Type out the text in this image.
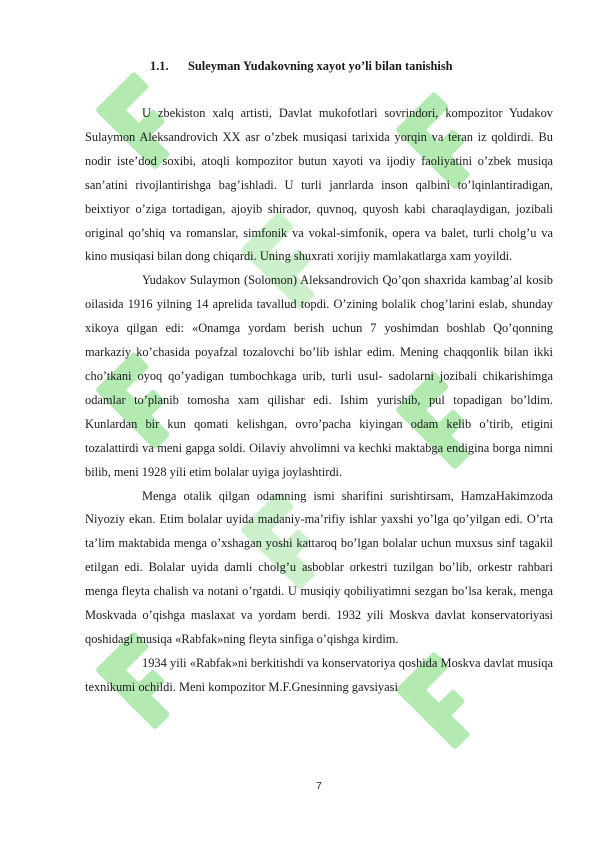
1.1. Suleyman Yudakovning xayot yo’li bilan tanishish

U zbekiston xalq artisti, Davlat mukofotlari sovrindori, kompozitor Yudakov Sulaymon Aleksandrovich XX asr o’zbek musiqasi tarixida yorqin va teran iz qoldirdi. Bu nodir iste’dod soxibi, atoqli kompozitor butun xayoti va ijodiy faoliyatini o’zbek musiqa san’atini rivojlantirishga bag’ishladi. U turli janrlarda inson qalbini to’lqinlantiradigan, beixtiyor o’ziga tortadigan, ajoyib shirador, quvnoq, quyosh kabi charaqlaydigan, jozibali original qo’shiq va romanslar, simfonik va vokal-simfonik, opera va balet, turli cholg’u va kino musiqasi bilan dong chiqardi. Uning shuxrati xorijiy mamlakatlarga xam yoyildi.

Yudakov Sulaymon (Solomon) Aleksandrovich Qo’qon shaxrida kambag’al kosib oilasida 1916 yilning 14 aprelida tavallud topdi. O’zining bolalik chog’larini eslab, shunday xikoya qilgan edi: «Onamga yordam berish uchun 7 yoshimdan boshlab Qo’qonning markaziy ko’chasida poyafzal tozalovchi bo’lib ishlar edim. Mening chaqqonlik bilan ikki cho’tkani oyoq qo’yadigan tumbochkaga urib, turli usul- sadolarni jozibali chikarishimga odamlar to’planib tomosha xam qilishar edi. Ishim yurishib, pul topadigan bo’ldim. Kunlardan bir kun qomati kelishgan, ovro’pacha kiyingan odam kelib o’tirib, etigini tozalattirdi va meni gapga soldi. Oilaviy ahvolimni va kechki maktabga endigina borga nimni bilib, meni 1928 yili etim bolalar uyiga joylashtirdi.

Menga otalik qilgan odamning ismi sharifini surishtirsam, HamzaHakimzoda Niyoziy ekan. Etim bolalar uyida madaniy-ma’rifiy ishlar yaxshi yo’lga qo’yilgan edi. O’rta ta’lim maktabida menga o’xshagan yoshi kattaroq bo’lgan bolalar uchun muxsus sinf tagakil etilgan edi. Bolalar uyida damli cholg’u asboblar orkestri tuzilgan bo’lib, orkestr rahbari menga fleyta chalish va notani o’rgatdi. U musiqiy qobiliyatimni sezgan bo’lsa kerak, menga Moskvada o’qishga maslaxat va yordam berdi. 1932 yili Moskva davlat konservatoriyasi qoshidagi musiqa «Rabfak»ning fleyta sinfiga o’qishga kirdim.

1934 yili «Rabfak»ni berkitishdi va konservatoriya qoshida Moskva davlat musiqa texnikumi ochildi. Meni kompozitor M.F.Gnesinning gavsiyasi

7
